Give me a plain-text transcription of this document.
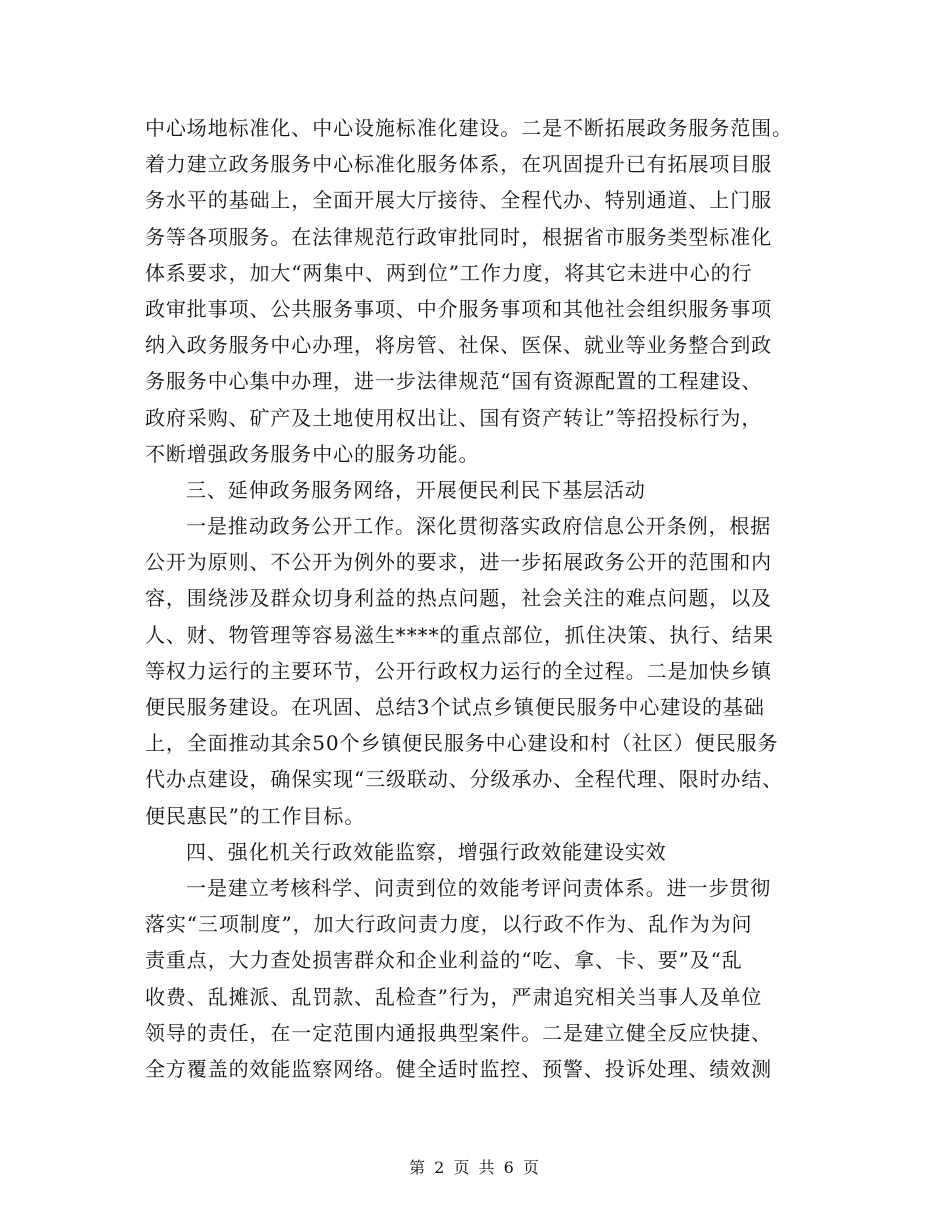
中心场地标准化、中心设施标准化建设。二是不断拓展政务服务范围。
着力建立政务服务中心标准化服务体系，在巩固提升已有拓展项目服
务水平的基础上，全面开展大厅接待、全程代办、特别通道、上门服
务等各项服务。在法律规范行政审批同时，根据省市服务类型标准化
体系要求，加大“两集中、两到位”工作力度，将其它未进中心的行
政审批事项、公共服务事项、中介服务事项和其他社会组织服务事项
纳入政务服务中心办理，将房管、社保、医保、就业等业务整合到政
务服务中心集中办理，进一步法律规范“国有资源配置的工程建设、
政府采购、矿产及土地使用权出让、国有资产转让”等招投标行为，
不断增强政务服务中心的服务功能。
三、延伸政务服务网络，开展便民利民下基层活动
一是推动政务公开工作。深化贯彻落实政府信息公开条例，根据
公开为原则、不公开为例外的要求，进一步拓展政务公开的范围和内
容，围绕涉及群众切身利益的热点问题，社会关注的难点问题，以及
人、财、物管理等容易滋生****的重点部位，抓住决策、执行、结果
等权力运行的主要环节，公开行政权力运行的全过程。二是加快乡镇
便民服务建设。在巩固、总结3个试点乡镇便民服务中心建设的基础
上，全面推动其余50个乡镇便民服务中心建设和村（社区）便民服务
代办点建设，确保实现“三级联动、分级承办、全程代理、限时办结、
便民惠民”的工作目标。
四、强化机关行政效能监察，增强行政效能建设实效
一是建立考核科学、问责到位的效能考评问责体系。进一步贯彻
落实“三项制度”，加大行政问责力度，以行政不作为、乱作为为问
责重点，大力查处损害群众和企业利益的“吃、拿、卡、要”及“乱
收费、乱摊派、乱罚款、乱检查”行为，严肃追究相关当事人及单位
领导的责任，在一定范围内通报典型案件。二是建立健全反应快捷、
全方覆盖的效能监察网络。健全适时监控、预警、投诉处理、绩效测
第 2 页 共 6 页
